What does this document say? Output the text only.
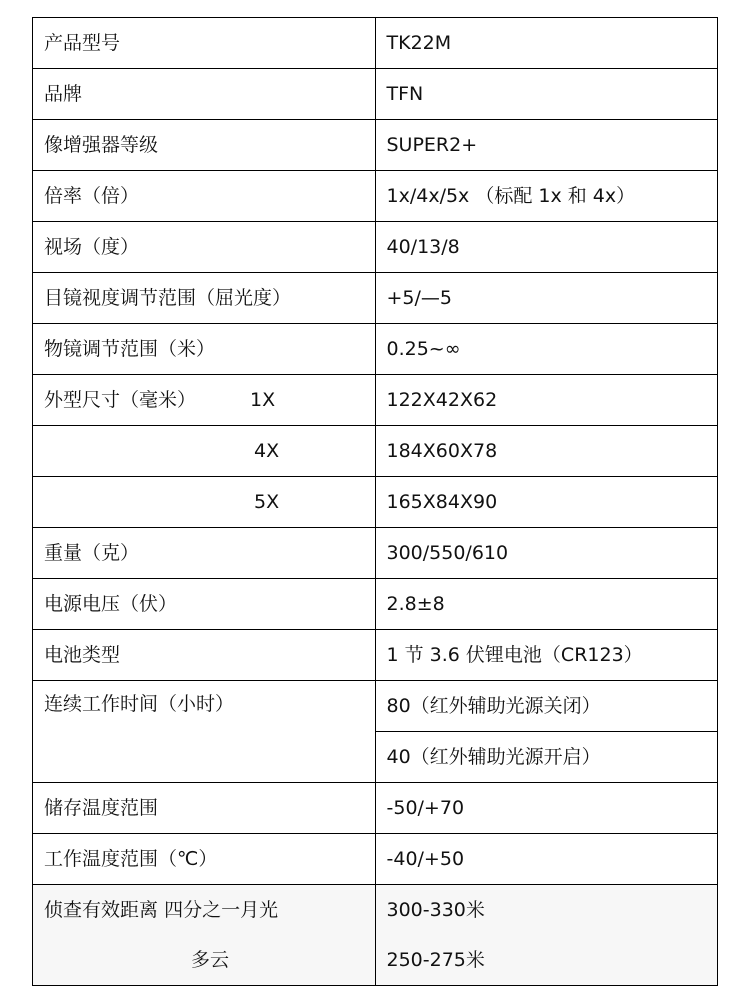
产品型号	TK22M
品牌	TFN
像增强器等级	SUPER2+
倍率（倍）	1x/4x/5x （标配 1x 和 4x）
视场（度）	40/13/8
目镜视度调节范围（屈光度）	+5/—5
物镜调节范围（米）	0.25~∞
外型尺寸（毫米） 1X	122X42X62
4X	184X60X78
5X	165X84X90
重量（克）	300/550/610
电源电压（伏）	2.8±8
电池类型	1 节 3.6 伏锂电池（CR123）
连续工作时间（小时）	80（红外辅助光源关闭）
	40（红外辅助光源开启）
储存温度范围	-50/+70
工作温度范围（℃）	-40/+50
侦查有效距离 四分之一月光	300-330米
多云	250-275米
